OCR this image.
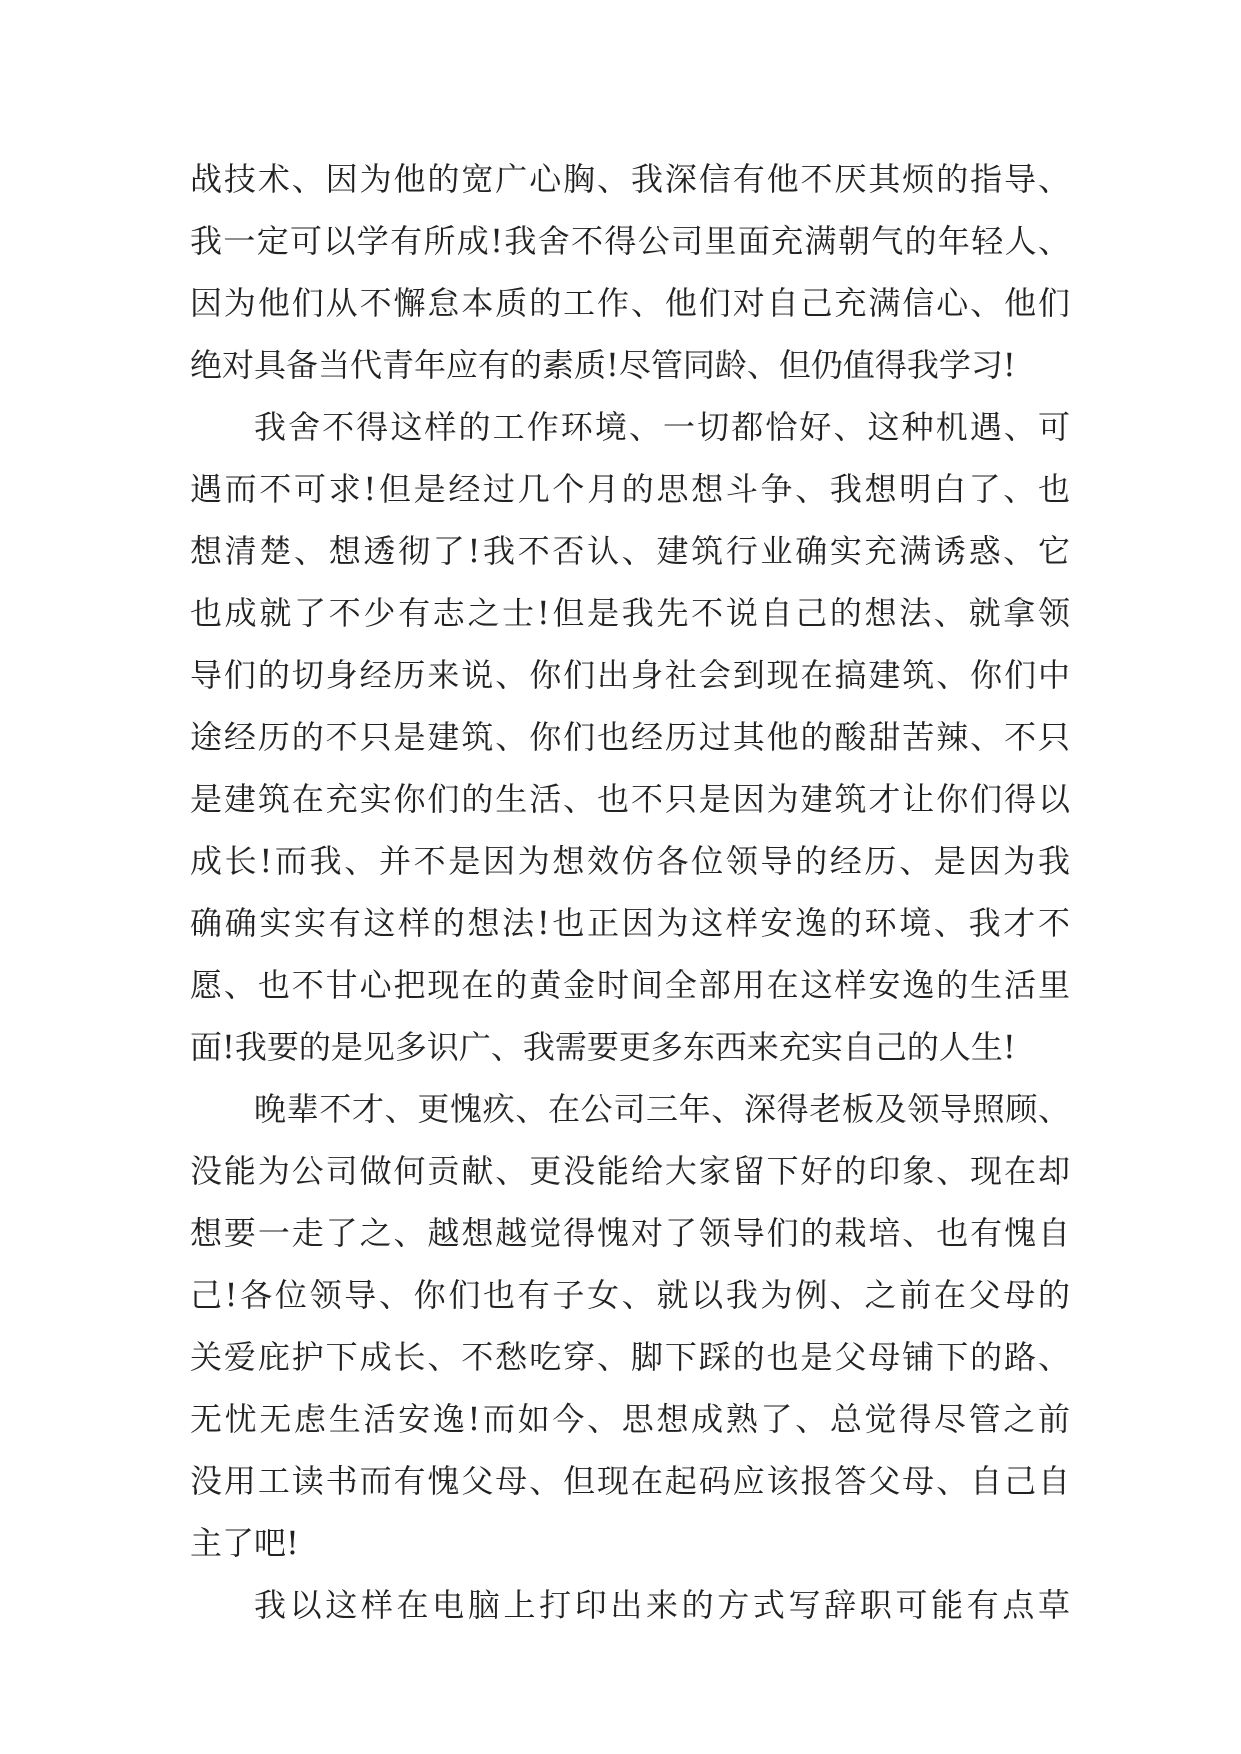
战技术、因为他的宽广心胸、我深信有他不厌其烦的指导、
我一定可以学有所成!我舍不得公司里面充满朝气的年轻人、
因为他们从不懈怠本质的工作、他们对自己充满信心、他们
绝对具备当代青年应有的素质!尽管同龄、但仍值得我学习!
我舍不得这样的工作环境、一切都恰好、这种机遇、可
遇而不可求!但是经过几个月的思想斗争、我想明白了、也
想清楚、想透彻了!我不否认、建筑行业确实充满诱惑、它
也成就了不少有志之士!但是我先不说自己的想法、就拿领
导们的切身经历来说、你们出身社会到现在搞建筑、你们中
途经历的不只是建筑、你们也经历过其他的酸甜苦辣、不只
是建筑在充实你们的生活、也不只是因为建筑才让你们得以
成长!而我、并不是因为想效仿各位领导的经历、是因为我
确确实实有这样的想法!也正因为这样安逸的环境、我才不
愿、也不甘心把现在的黄金时间全部用在这样安逸的生活里
面!我要的是见多识广、我需要更多东西来充实自己的人生!
晚辈不才、更愧疚、在公司三年、深得老板及领导照顾、
没能为公司做何贡献、更没能给大家留下好的印象、现在却
想要一走了之、越想越觉得愧对了领导们的栽培、也有愧自
己!各位领导、你们也有子女、就以我为例、之前在父母的
关爱庇护下成长、不愁吃穿、脚下踩的也是父母铺下的路、
无忧无虑生活安逸!而如今、思想成熟了、总觉得尽管之前
没用工读书而有愧父母、但现在起码应该报答父母、自己自
主了吧!
我以这样在电脑上打印出来的方式写辞职可能有点草
